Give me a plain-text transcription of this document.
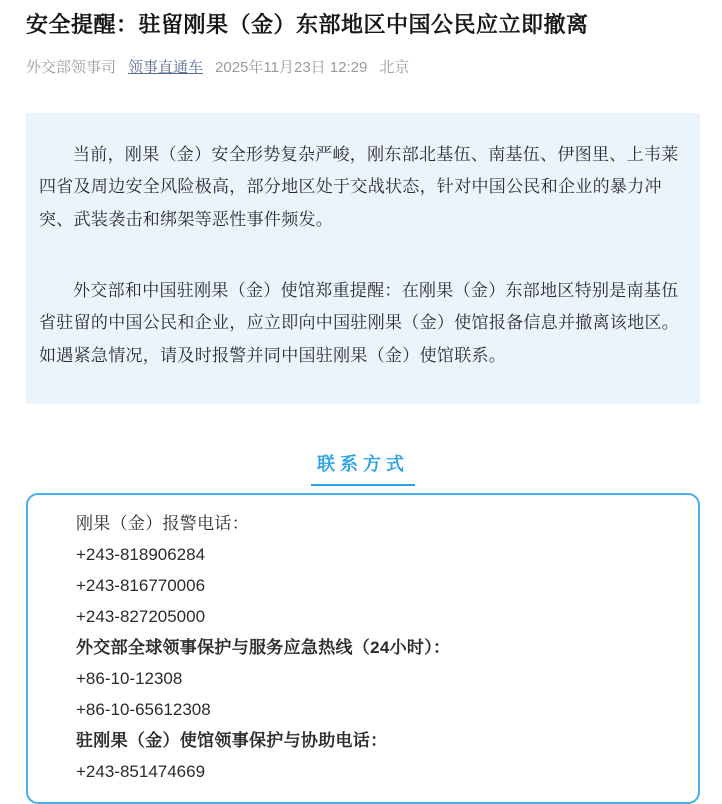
安全提醒：驻留刚果（金）东部地区中国公民应立即撤离
外交部领事司 领事直通车 2025年11月23日 12:29 北京

当前，刚果（金）安全形势复杂严峻，刚东部北基伍、南基伍、伊图里、上韦莱四省及周边安全风险极高，部分地区处于交战状态，针对中国公民和企业的暴力冲突、武装袭击和绑架等恶性事件频发。

外交部和中国驻刚果（金）使馆郑重提醒：在刚果（金）东部地区特别是南基伍省驻留的中国公民和企业，应立即向中国驻刚果（金）使馆报备信息并撤离该地区。如遇紧急情况，请及时报警并同中国驻刚果（金）使馆联系。

联系方式
刚果（金）报警电话：
+243-818906284
+243-816770006
+243-827205000
外交部全球领事保护与服务应急热线（24小时）：
+86-10-12308
+86-10-65612308
驻刚果（金）使馆领事保护与协助电话：
+243-851474669
